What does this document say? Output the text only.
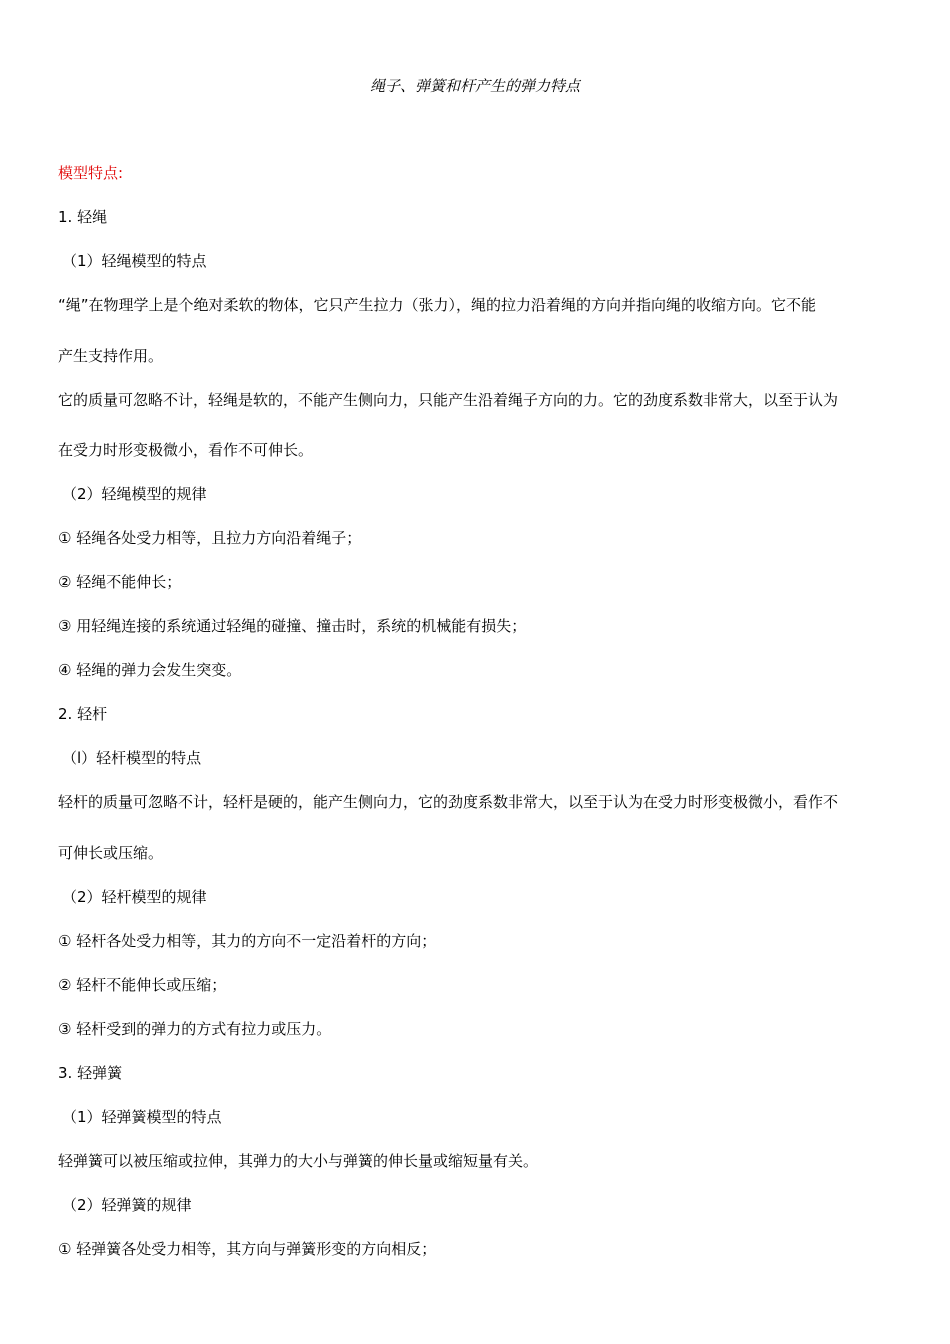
绳子、弹簧和杆产生的弹力特点
模型特点:
1. 轻绳
（1）轻绳模型的特点
“绳”在物理学上是个绝对柔软的物体，它只产生拉力（张力），绳的拉力沿着绳的方向并指向绳的收缩方向。它不能
产生支持作用。
它的质量可忽略不计，轻绳是软的，不能产生侧向力，只能产生沿着绳子方向的力。它的劲度系数非常大，以至于认为
在受力时形变极微小，看作不可伸长。
（2）轻绳模型的规律
① 轻绳各处受力相等，且拉力方向沿着绳子；
② 轻绳不能伸长；
③ 用轻绳连接的系统通过轻绳的碰撞、撞击时，系统的机械能有损失；
④ 轻绳的弹力会发生突变。
2. 轻杆
（l）轻杆模型的特点
轻杆的质量可忽略不计，轻杆是硬的，能产生侧向力，它的劲度系数非常大，以至于认为在受力时形变极微小，看作不
可伸长或压缩。
（2）轻杆模型的规律
① 轻杆各处受力相等，其力的方向不一定沿着杆的方向；
② 轻杆不能伸长或压缩；
③ 轻杆受到的弹力的方式有拉力或压力。
3. 轻弹簧
（1）轻弹簧模型的特点
轻弹簧可以被压缩或拉伸，其弹力的大小与弹簧的伸长量或缩短量有关。
（2）轻弹簧的规律
① 轻弹簧各处受力相等，其方向与弹簧形变的方向相反；
